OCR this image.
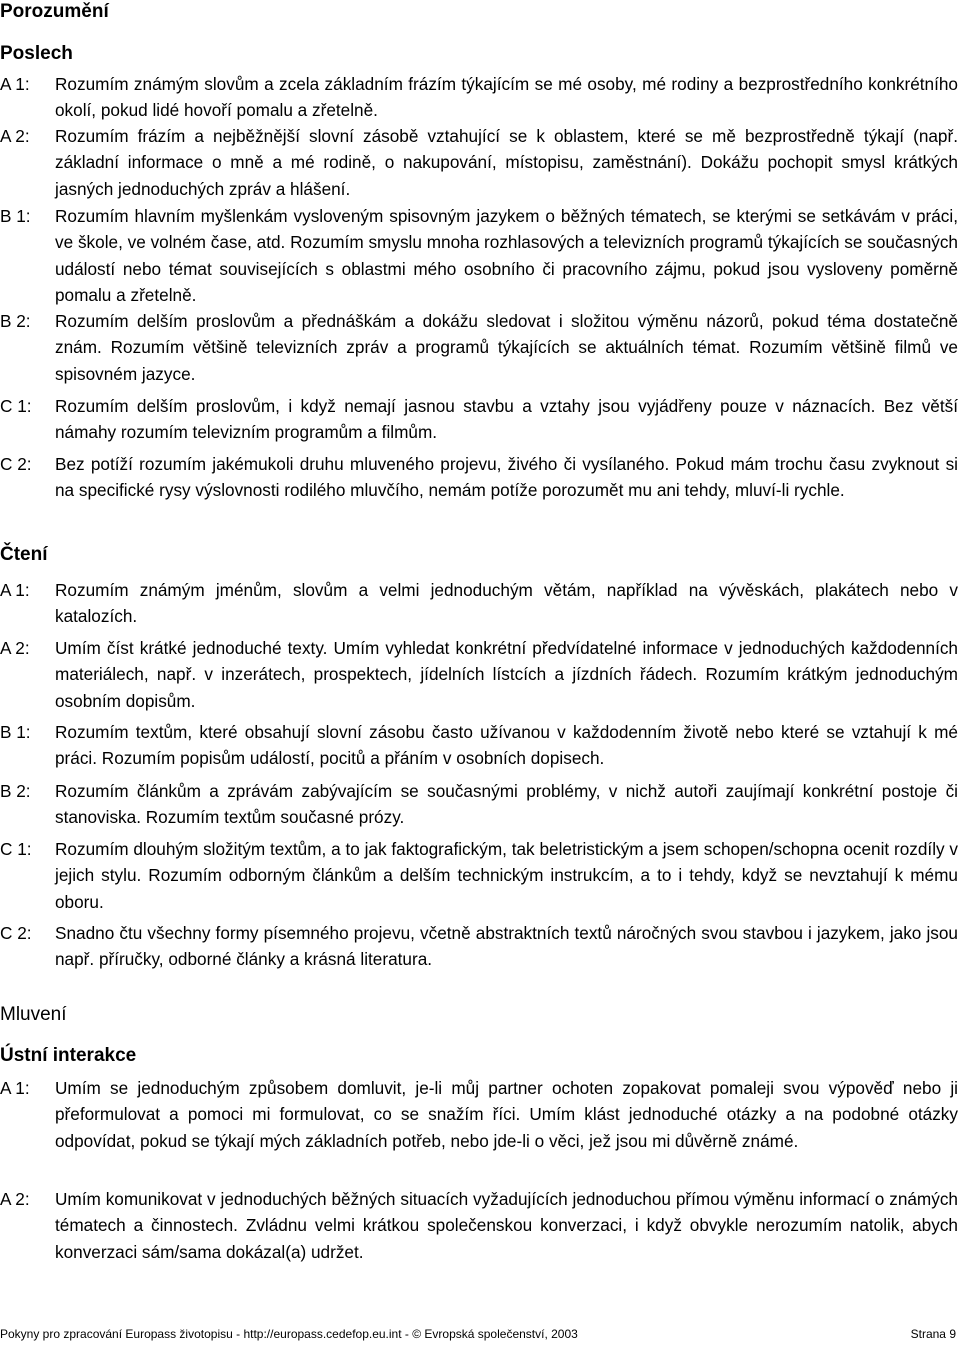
Porozumění
Poslech
A 1:	Rozumím známým slovům a zcela základním frázím týkajícím se mé osoby, mé rodiny a bezprostředního konkrétního okolí, pokud lidé hovoří pomalu a zřetelně.
A 2:	Rozumím frázím a nejběžnější slovní zásobě vztahující se k oblastem, které se mě bezprostředně týkají (např. základní informace o mně a mé rodině, o nakupování, místopisu, zaměstnání). Dokážu pochopit smysl krátkých jasných jednoduchých zpráv a hlášení.
B 1:	Rozumím hlavním myšlenkám vysloveným spisovným jazykem o běžných tématech, se kterými se setkávám v práci, ve škole, ve volném čase, atd. Rozumím smyslu mnoha rozhlasových a televizních programů týkajících se současných událostí nebo témat souvisejících s oblastmi mého osobního či pracovního zájmu, pokud jsou vysloveny poměrně pomalu a zřetelně.
B 2:	Rozumím delším proslovům a přednáškám a dokážu sledovat i složitou výměnu názorů, pokud téma dostatečně znám. Rozumím většině televizních zpráv a programů týkajících se aktuálních témat. Rozumím většině filmů ve spisovném jazyce.
C 1:	Rozumím delším proslovům, i když nemají jasnou stavbu a vztahy jsou vyjádřeny pouze v náznacích. Bez větší námahy rozumím televizním programům a filmům.
C 2:	Bez potíží rozumím jakémukoli druhu mluveného projevu, živého či vysílaného. Pokud mám trochu času zvyknout si na specifické rysy výslovnosti rodilého mluvčího, nemám potíže porozumět mu ani tehdy, mluví-li rychle.
Čtení
A 1:	Rozumím známým jménům, slovům a velmi jednoduchým větám, například na vývěskách, plakátech nebo v katalozích.
A 2:	Umím číst krátké jednoduché texty. Umím vyhledat konkrétní předvídatelné informace v jednoduchých každodenních materiálech, např. v inzerátech, prospektech, jídelních lístcích a jízdních řádech. Rozumím krátkým jednoduchým osobním dopisům.
B 1:	Rozumím textům, které obsahují slovní zásobu často užívanou v každodenním životě nebo které se vztahují k mé práci. Rozumím popisům událostí, pocitů a přáním v osobních dopisech.
B 2:	Rozumím článkům a zprávám zabývajícím se současnými problémy, v nichž autoři zaujímají konkrétní postoje či stanoviska. Rozumím textům současné prózy.
C 1:	Rozumím dlouhým složitým textům, a to jak faktografickým, tak beletristickým a jsem schopen/schopna ocenit rozdíly v jejich stylu. Rozumím odborným článkům a delším technickým instrukcím, a to i tehdy, když se nevztahují k mému oboru.
C 2:	Snadno čtu všechny formy písemného projevu, včetně abstraktních textů náročných svou stavbou i jazykem, jako jsou např. příručky, odborné články a krásná literatura.
Mluvení
Ústní interakce
A 1:	Umím se jednoduchým způsobem domluvit, je-li můj partner ochoten zopakovat pomaleji svou výpověď nebo ji přeformulovat a pomoci mi formulovat, co se snažím říci. Umím klást jednoduché otázky a na podobné otázky odpovídat, pokud se týkají mých základních potřeb, nebo jde-li o věci, jež jsou mi důvěrně známé.
A 2:	Umím komunikovat v jednoduchých běžných situacích vyžadujících jednoduchou přímou výměnu informací o známých tématech a činnostech. Zvládnu velmi krátkou společenskou konverzaci, i když obvykle nerozumím natolik, abych konverzaci sám/sama dokázal(a) udržet.
Pokyny pro zpracování Europass životopisu - http://europass.cedefop.eu.int - © Evropská společenství, 2003	Strana 9
